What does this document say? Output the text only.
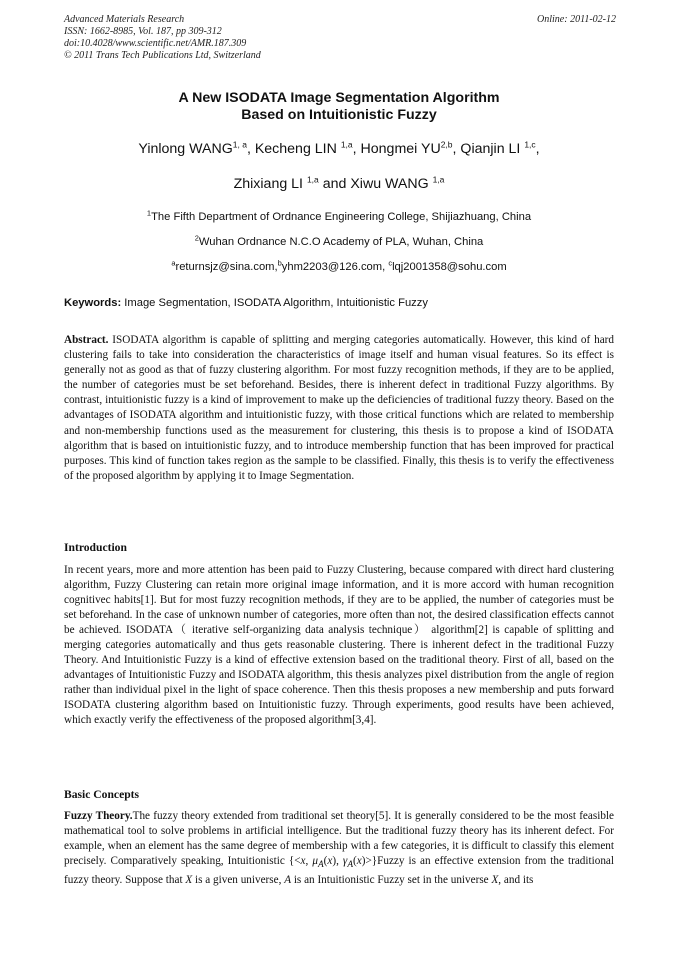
Advanced Materials Research
ISSN: 1662-8985, Vol. 187, pp 309-312
doi:10.4028/www.scientific.net/AMR.187.309
© 2011 Trans Tech Publications Ltd, Switzerland
Online: 2011-02-12
A New ISODATA Image Segmentation Algorithm
Based on Intuitionistic Fuzzy
Yinlong WANG$^{1, a}$, Kecheng LIN $^{1,a}$, Hongmei YU$^{2,b}$, Qianjin LI $^{1,c}$,
Zhixiang LI $^{1,a}$ and Xiwu WANG $^{1,a}$
$^1$The Fifth Department of Ordnance Engineering College, Shijiazhuang, China
$^2$Wuhan Ordnance N.C.O Academy of PLA, Wuhan, China
$^a$returnsjz@sina.com,$^b$yhm2203@126.com, $^c$lqj2001358@sohu.com
Keywords: Image Segmentation, ISODATA Algorithm, Intuitionistic Fuzzy

Abstract. ISODATA algorithm is capable of splitting and merging categories automatically. However, this kind of hard clustering fails to take into consideration the characteristics of image itself and human visual features. So its effect is generally not as good as that of fuzzy clustering algorithm. For most fuzzy recognition methods, if they are to be applied, the number of categories must be set beforehand. Besides, there is inherent defect in traditional Fuzzy algorithms. By contrast, intuitionistic fuzzy is a kind of improvement to make up the deficiencies of traditional fuzzy theory. Based on the advantages of ISODATA algorithm and intuitionistic fuzzy, with those critical functions which are related to membership and non-membership functions used as the measurement for clustering, this thesis is to propose a kind of ISODATA algorithm that is based on intuitionistic fuzzy, and to introduce membership function that has been improved for practical purposes. This kind of function takes region as the sample to be classified. Finally, this thesis is to verify the effectiveness of the proposed algorithm by applying it to Image Segmentation.

Introduction

In recent years, more and more attention has been paid to Fuzzy Clustering, because compared with direct hard clustering algorithm, Fuzzy Clustering can retain more original image information, and it is more accord with human recognition cognitivec habits[1]. But for most fuzzy recognition methods, if they are to be applied, the number of categories must be set beforehand. In the case of unknown number of categories, more often than not, the desired classification effects cannot be achieved. ISODATA（ iterative self-organizing data analysis technique） algorithm[2] is capable of splitting and merging categories automatically and thus gets reasonable clustering. There is inherent defect in the traditional Fuzzy Theory. And Intuitionistic Fuzzy is a kind of effective extension based on the traditional theory. First of all, based on the advantages of Intuitionistic Fuzzy and ISODATA algorithm, this thesis analyzes pixel distribution from the angle of region rather than individual pixel in the light of space coherence. Then this thesis proposes a new membership and puts forward ISODATA clustering algorithm based on Intuitionistic fuzzy. Through experiments, good results have been achieved, which exactly verify the effectiveness of the proposed algorithm[3,4].

Basic Concepts

Fuzzy Theory.The fuzzy theory extended from traditional set theory[5]. It is generally considered to be the most feasible mathematical tool to solve problems in artificial intelligence. But the traditional fuzzy theory has its inherent defect. For example, when an element has the same degree of membership with a few categories, it is difficult to classify this element precisely. Comparatively speaking, Intuitionistic {<x, $\mu_A(x)$, $\gamma_A(x)>\}Fuzzy$ is an effective extension from the traditional fuzzy theory. Suppose that X is a given universe, A is an Intuitionistic Fuzzy set in the universe X, and its
